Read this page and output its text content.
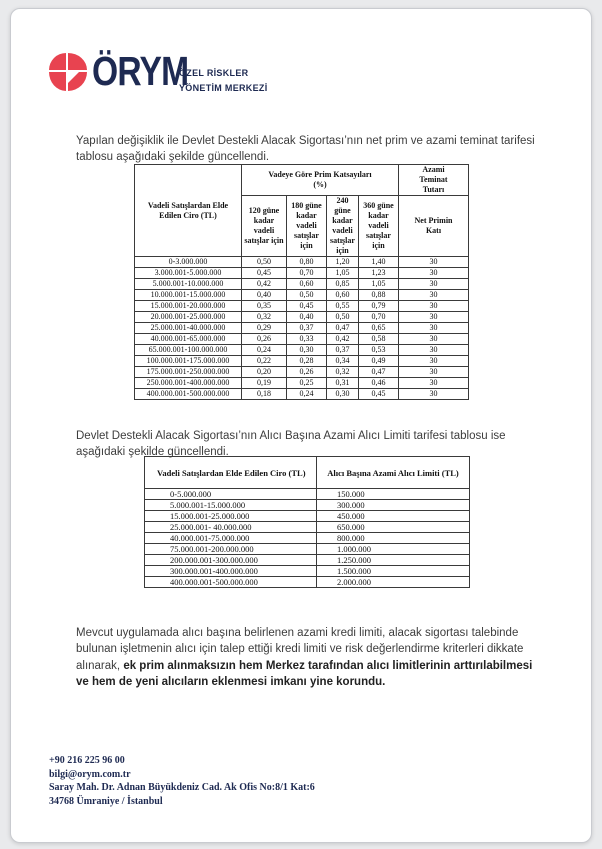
ÖRYM
ÖZEL RİSKLER
YÖNETİM MERKEZİ

Yapılan değişiklik ile Devlet Destekli Alacak Sigortası’nın net prim ve azami teminat tarifesi tablosu aşağıdaki şekilde güncellendi.

Vadeli Satışlardan Elde Edilen Ciro (TL)	Vadeye Göre Prim Katsayıları
(%)				Azami Teminat Tutarı

	120 güne kadar vadeli satışlar için	180 güne kadar vadeli satışlar için	240 güne kadar vadeli satışlar için	360 güne kadar vadeli satışlar için	Net Primin Katı

0-3.000.000	0,50	0,80	1,20	1,40	30
3.000.001-5.000.000	0,45	0,70	1,05	1,23	30
5.000.001-10.000.000	0,42	0,60	0,85	1,05	30
10.000.001-15.000.000	0,40	0,50	0,60	0,88	30
15.000.001-20.000.000	0,35	0,45	0,55	0,79	30
20.000.001-25.000.000	0,32	0,40	0,50	0,70	30
25.000.001-40.000.000	0,29	0,37	0,47	0,65	30
40.000.001-65.000.000	0,26	0,33	0,42	0,58	30
65.000.001-100.000.000	0,24	0,30	0,37	0,53	30
100.000.001-175.000.000	0,22	0,28	0,34	0,49	30
175.000.001-250.000.000	0,20	0,26	0,32	0,47	30
250.000.001-400.000.000	0,19	0,25	0,31	0,46	30
400.000.001-500.000.000	0,18	0,24	0,30	0,45	30

Devlet Destekli Alacak Sigortası’nın Alıcı Başına Azami Alıcı Limiti tarifesi tablosu ise aşağıdaki şekilde güncellendi.

Vadeli Satışlardan Elde Edilen Ciro (TL)	Alıcı Başına Azami Alıcı Limiti (TL)
0-5.000.000	150.000
5.000.001-15.000.000	300.000
15.000.001-25.000.000	450.000
25.000.001- 40.000.000	650.000
40.000.001-75.000.000	800.000
75.000.001-200.000.000	1.000.000
200.000.001-300.000.000	1.250.000
300.000.001-400.000.000	1.500.000
400.000.001-500.000.000	2.000.000

Mevcut uygulamada alıcı başına belirlenen azami kredi limiti, alacak sigortası talebinde bulunan işletmenin alıcı için talep ettiği kredi limiti ve risk değerlendirme kriterleri dikkate alınarak, ek prim alınmaksızın hem Merkez tarafından alıcı limitlerinin arttırılabilmesi ve hem de yeni alıcıların eklenmesi imkanı yine korundu.

+90 216 225 96 00
bilgi@orym.com.tr
Saray Mah. Dr. Adnan Büyükdeniz Cad. Ak Ofis No:8/1 Kat:6
34768 Ümraniye / İstanbul
